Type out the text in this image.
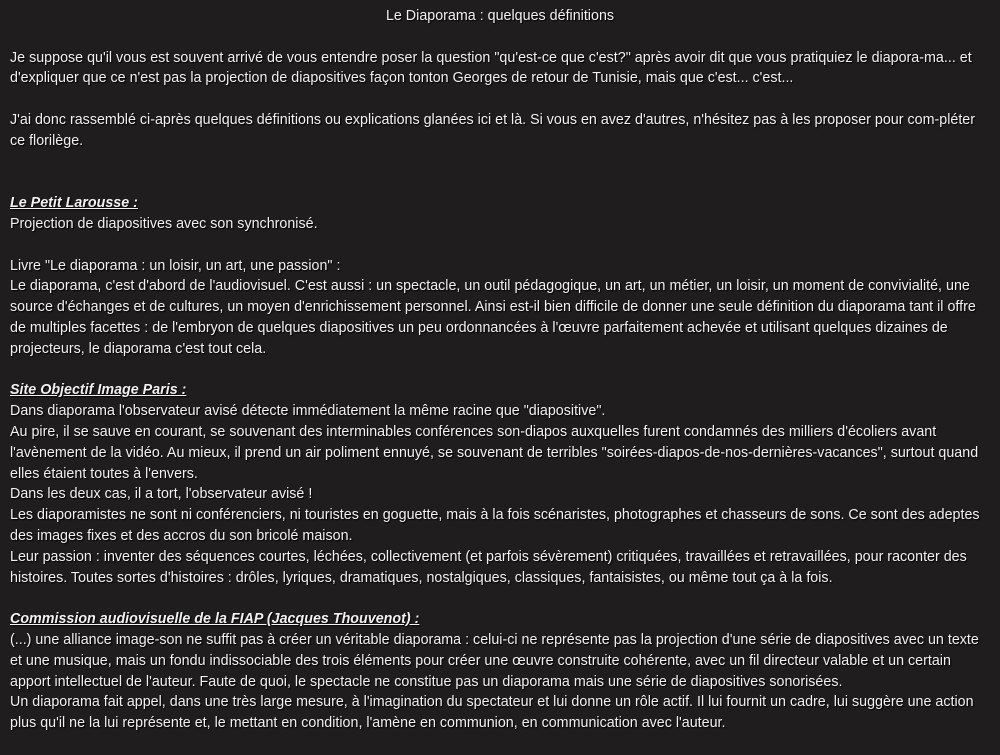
Le Diaporama : quelques définitions
Je suppose qu'il vous est souvent arrivé de vous entendre poser la question "qu'est-ce que c'est?" après avoir dit que vous pratiquiez le diapora-ma... et d'expliquer que ce n'est pas la projection de diapositives façon tonton Georges de retour de Tunisie, mais que c'est... c'est...
J'ai donc rassemblé ci-après quelques définitions ou explications glanées ici et là. Si vous en avez d'autres, n'hésitez pas à les proposer pour com-pléter ce florilège.
Le Petit Larousse :
Projection de diapositives avec son synchronisé.
Livre "Le diaporama : un loisir, un art, une passion" :
Le diaporama, c'est d'abord de l'audiovisuel. C'est aussi : un spectacle, un outil pédagogique, un art, un métier, un loisir, un moment de convivialité, une source d'échanges et de cultures, un moyen d'enrichissement personnel. Ainsi est-il bien difficile de donner une seule définition du diaporama tant il offre de multiples facettes : de l'embryon de quelques diapositives un peu ordonnancées à l'œuvre parfaitement achevée et utilisant quelques dizaines de projecteurs, le diaporama c'est tout cela.
Site Objectif Image Paris :
Dans diaporama l'observateur avisé détecte immédiatement la même racine que "diapositive".
Au pire, il se sauve en courant, se souvenant des interminables conférences son-diapos auxquelles furent condamnés des milliers d'écoliers avant l'avènement de la vidéo. Au mieux, il prend un air poliment ennuyé, se souvenant de terribles "soirées-diapos-de-nos-dernières-vacances", surtout quand elles étaient toutes à l'envers.
Dans les deux cas, il a tort, l'observateur avisé !
Les diaporamistes ne sont ni conférenciers, ni touristes en goguette, mais à la fois scénaristes, photographes et chasseurs de sons. Ce sont des adeptes des images fixes et des accros du son bricolé maison.
Leur passion : inventer des séquences courtes, léchées, collectivement (et parfois sévèrement) critiquées, travaillées et retravaillées, pour raconter des histoires. Toutes sortes d'histoires : drôles, lyriques, dramatiques, nostalgiques, classiques, fantaisistes, ou même tout ça à la fois.
Commission audiovisuelle de la FIAP (Jacques Thouvenot) :
(...) une alliance image-son ne suffit pas à créer un véritable diaporama : celui-ci ne représente pas la projection d'une série de diapositives avec un texte et une musique, mais un fondu indissociable des trois éléments pour créer une œuvre construite cohérente, avec un fil directeur valable et un certain apport intellectuel de l'auteur. Faute de quoi, le spectacle ne constitue pas un diaporama mais une série de diapositives sonorisées.
Un diaporama fait appel, dans une très large mesure, à l'imagination du spectateur et lui donne un rôle actif. Il lui fournit un cadre, lui suggère une action plus qu'il ne la lui représente et, le mettant en condition, l'amène en communion, en communication avec l'auteur.
